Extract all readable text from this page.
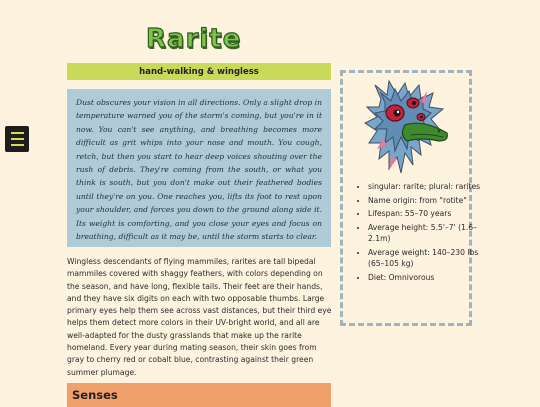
Rarite
hand-walking & wingless
Dust obscures your vision in all directions. Only a slight drop in temperature warned you of the storm's coming, but you're in it now. You can't see anything, and breathing becomes more difficult as grit whips into your nose and mouth. You cough, retch, but then you start to hear deep voices shouting over the rush of debris. They're coming from the south, or what you think is south, but you don't make out their feathered bodies until they're on you. One reaches you, lifts its foot to rest upon your shoulder, and forces you down to the ground along side it. Its weight is comforting, and you close your eyes and focus on breathing, difficult as it may be, until the storm starts to clear.
Wingless descendants of flying mammiles, rarites are tall bipedal mammiles covered with shaggy feathers, with colors depending on the season, and have long, flexible tails. Their feet are their hands, and they have six digits on each with two opposable thumbs. Large primary eyes help them see across vast distances, but their third eye helps them detect more colors in their UV-bright world, and all are well-adapted for the dusty grasslands that make up the rarite homeland. Every year during mating season, their skin goes from gray to cherry red or cobalt blue, contrasting against their green summer plumage.
Senses
• singular: rarite; plural: rarites
• Name origin: from "rotite"
• Lifespan: 55–70 years
• Average height: 5.5'–7' (1.6–2.1m)
• Average weight: 140–230 lbs (65–105 kg)
• Diet: Omnivorous
